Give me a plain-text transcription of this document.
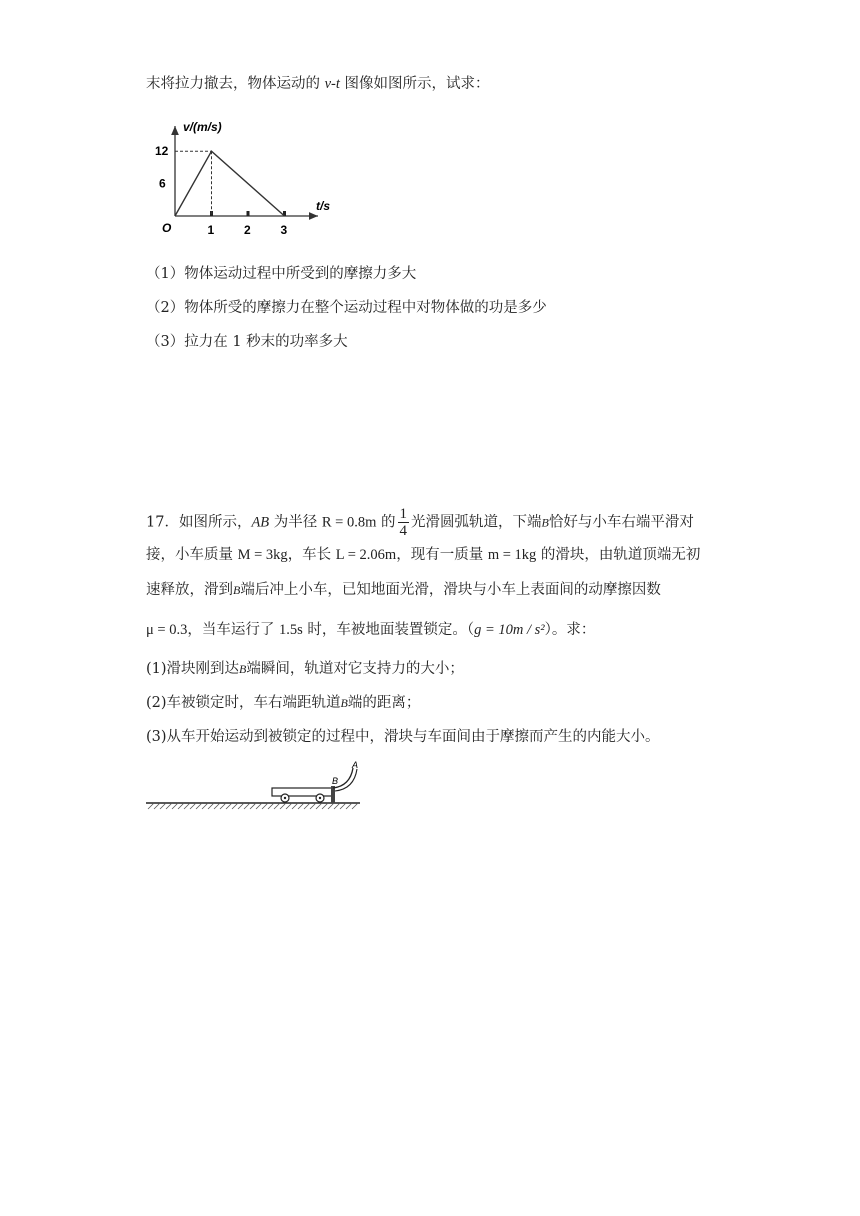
末将拉力撤去，物体运动的 v-t 图像如图所示，试求：
1 2 3
6
12
v/(m/s)
t/s
O
（1）物体运动过程中所受到的摩擦力多大
（2）物体所受的摩擦力在整个运动过程中对物体做的功是多少
（3）拉力在 1 秒末的功率多大
17．如图所示，AB 为半径 R = 0.8m 的 $\frac{1}{4}$ 光滑圆弧轨道，下端B恰好与小车右端平滑对
接，小车质量 M = 3kg，车长 L = 2.06m，现有一质量 m = 1kg 的滑块，由轨道顶端无初
速释放，滑到B端后冲上小车，已知地面光滑，滑块与小车上表面间的动摩擦因数
μ = 0.3，当车运行了 1.5s 时，车被地面装置锁定。（g = 10m / s²）。求：
(1)滑块刚到达B端瞬间，轨道对它支持力的大小；
(2)车被锁定时，车右端距轨道B端的距离；
(3)从车开始运动到被锁定的过程中，滑块与车面间由于摩擦而产生的内能大小。
A
B
